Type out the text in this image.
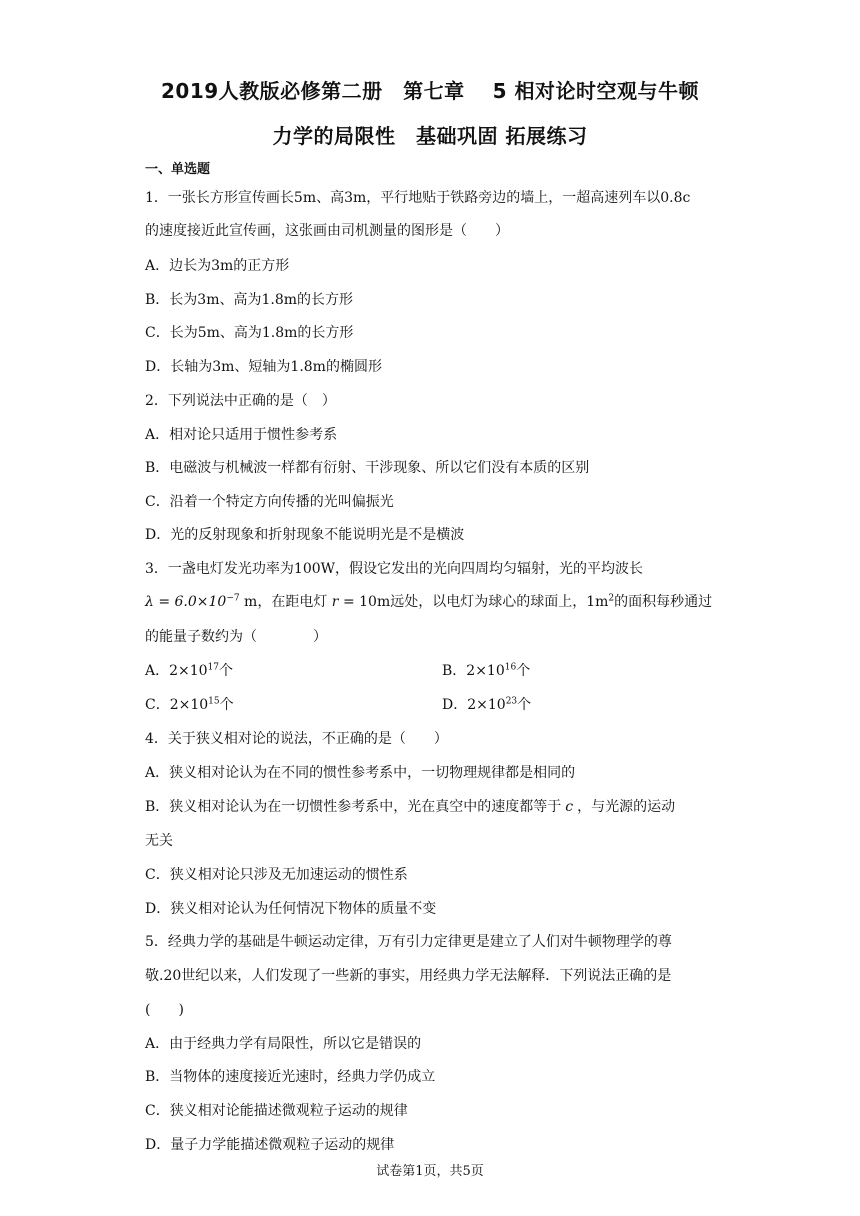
2019人教版必修第二册　第七章　 5 相对论时空观与牛顿
力学的局限性　基础巩固 拓展练习
一、单选题
1．一张长方形宣传画长5m、高3m，平行地贴于铁路旁边的墙上，一超高速列车以0.8c
的速度接近此宣传画，这张画由司机测量的图形是（　　）
A．边长为3m的正方形
B．长为3m、高为1.8m的长方形
C．长为5m、高为1.8m的长方形
D．长轴为3m、短轴为1.8m的椭圆形
2．下列说法中正确的是（　）
A．相对论只适用于惯性参考系
B．电磁波与机械波一样都有衍射、干涉现象、所以它们没有本质的区别
C．沿着一个特定方向传播的光叫偏振光
D．光的反射现象和折射现象不能说明光是不是横波
3．一盏电灯发光功率为100W，假设它发出的光向四周均匀辐射，光的平均波长
$\lambda = 6.0\times 10^{-7}$ m，在距电灯 r = 10m远处，以电灯为球心的球面上，$1m^2$的面积每秒通过
的能量子数约为（　　　　）
A．$2\times 10^{17}$个	B．$2\times 10^{16}$个
C．$2\times 10^{15}$个	D．$2\times 10^{23}$个
4．关于狭义相对论的说法，不正确的是（　　）
A．狭义相对论认为在不同的惯性参考系中，一切物理规律都是相同的
B．狭义相对论认为在一切惯性参考系中，光在真空中的速度都等于 c ，与光源的运动
无关
C．狭义相对论只涉及无加速运动的惯性系
D．狭义相对论认为任何情况下物体的质量不变
5．经典力学的基础是牛顿运动定律，万有引力定律更是建立了人们对牛顿物理学的尊
敬.20世纪以来，人们发现了一些新的事实，用经典力学无法解释．下列说法正确的是
(　　)
A．由于经典力学有局限性，所以它是错误的
B．当物体的速度接近光速时，经典力学仍成立
C．狭义相对论能描述微观粒子运动的规律
D．量子力学能描述微观粒子运动的规律
试卷第1页，共5页
